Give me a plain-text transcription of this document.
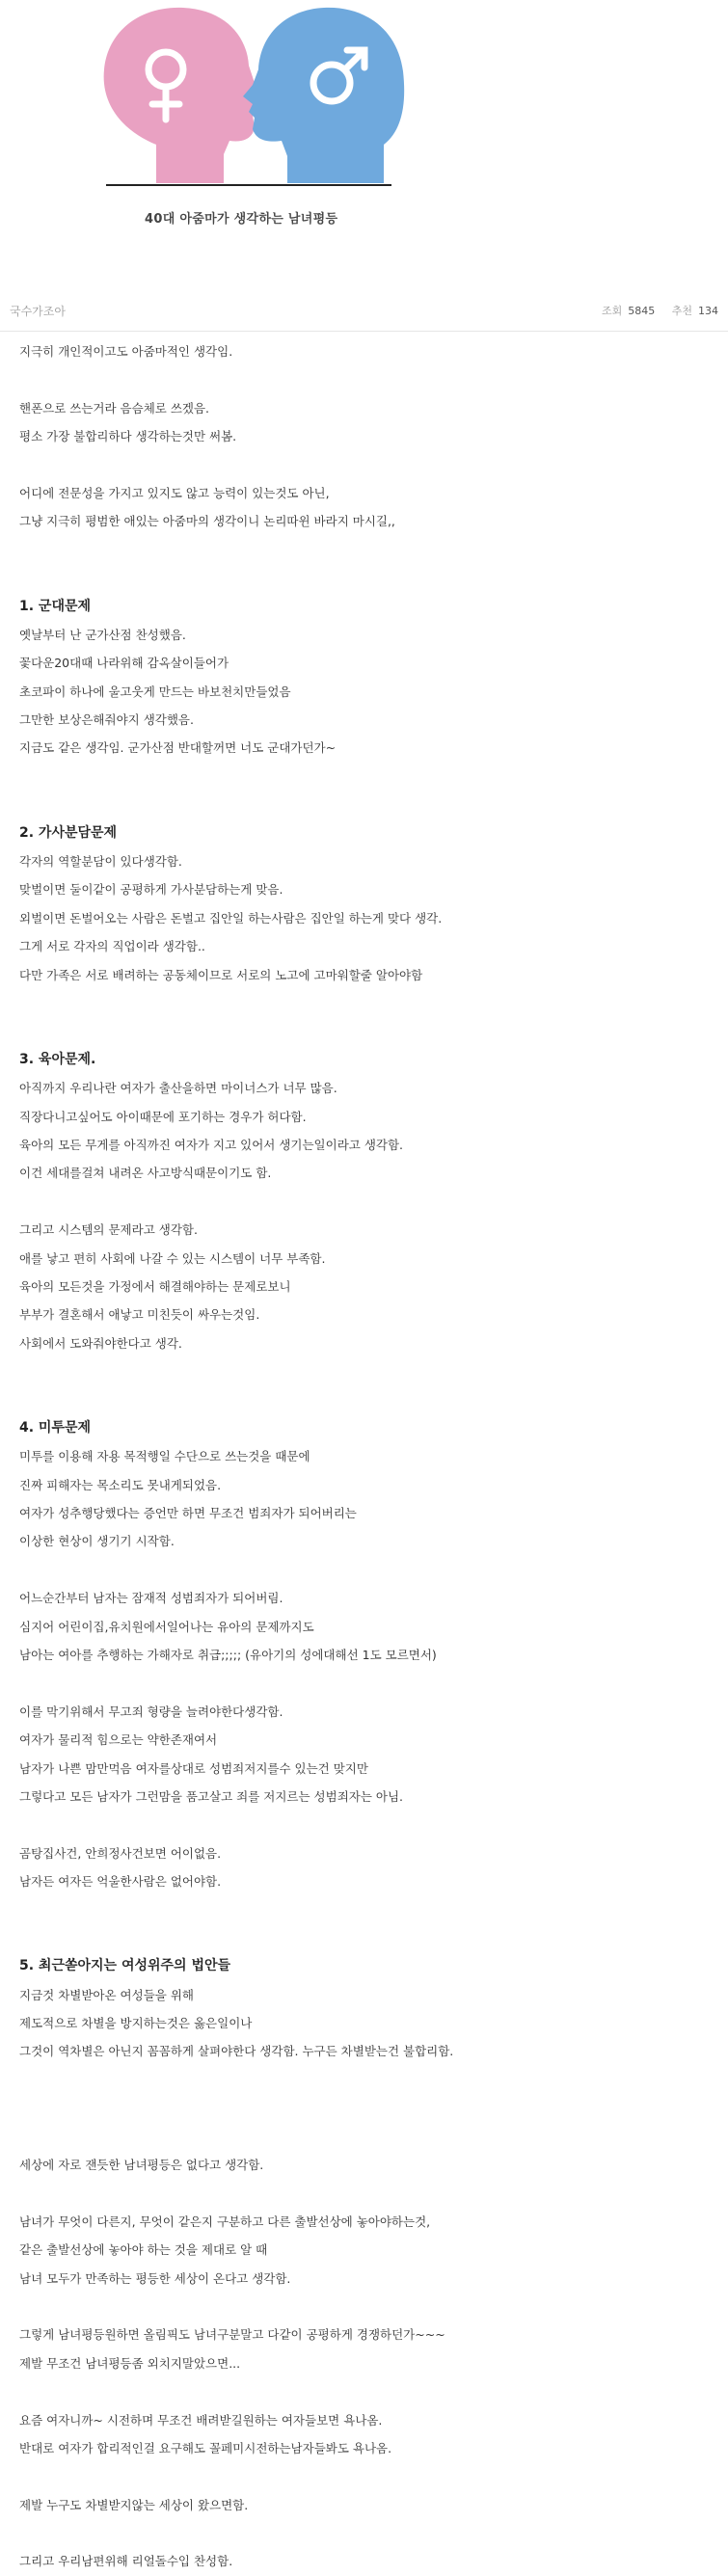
40대 아줌마가 생각하는 남녀평등
국수가조아	조회 5845 추천 134

지극히 개인적이고도 아줌마적인 생각임.

핸폰으로 쓰는거라 음슴체로 쓰겠음.

평소 가장 불합리하다 생각하는것만 써봄.

어디에 전문성을 가지고 있지도 않고 능력이 있는것도 아닌,

그냥 지극히 평범한 애있는 아줌마의 생각이니 논리따윈 바라지 마시길,,

1. 군대문제

옛날부터 난 군가산점 찬성했음.

꽃다운20대때 나라위해 감옥살이들어가

초코파이 하나에 울고웃게 만드는 바보천치만들었음

그만한 보상은해줘야지 생각했음.

지금도 같은 생각임. 군가산점 반대할꺼면 너도 군대가던가~

2. 가사분담문제

각자의 역할분담이 있다생각함.

맞벌이면 둘이같이 공평하게 가사분담하는게 맞음.

외벌이면 돈벌어오는 사람은 돈벌고 집안일 하는사람은 집안일 하는게 맞다 생각.

그게 서로 각자의 직업이라 생각함..

다만 가족은 서로 배려하는 공동체이므로 서로의 노고에 고마워할줄 알아야함

3. 육아문제.

아직까지 우리나란 여자가 출산을하면 마이너스가 너무 많음.

직장다니고싶어도 아이때문에 포기하는 경우가 허다함.

육아의 모든 무게를 아직까진 여자가 지고 있어서 생기는일이라고 생각함.

이건 세대를걸쳐 내려온 사고방식때문이기도 함.

그리고 시스템의 문제라고 생각함.

애를 낳고 편히 사회에 나갈 수 있는 시스템이 너무 부족함.

육아의 모든것을 가정에서 해결해야하는 문제로보니

부부가 결혼해서 애낳고 미친듯이 싸우는것임.

사회에서 도와줘야한다고 생각.

4. 미투문제

미투를 이용해 자용 목적행일 수단으로 쓰는것을 때문에

진짜 피해자는 목소리도 못내게되었음.

여자가 성추행당했다는 증언만 하면 무조건 범죄자가 되어버리는

이상한 현상이 생기기 시작함.

어느순간부터 남자는 잠재적 성범죄자가 되어버림.

심지어 어린이집,유치원에서일어나는 유아의 문제까지도

남아는 여아를 추행하는 가해자로 취급;;;;; (유아기의 성에대해선 1도 모르면서)

이를 막기위해서 무고죄 형량을 늘려야한다생각함.

여자가 물리적 힘으로는 약한존재여서

남자가 나쁜 맘만먹음 여자를상대로 성범죄저지를수 있는건 맞지만

그렇다고 모든 남자가 그런맘을 품고살고 죄를 저지르는 성범죄자는 아님.

곰탕집사건, 안희정사건보면 어이없음.

남자든 여자든 억울한사람은 없어야함.

5. 최근쏟아지는 여성위주의 법안들

지금것 차별받아온 여성들을 위해

제도적으로 차별을 방지하는것은 옳은일이나

그것이 역차별은 아닌지 꼼꼼하게 살펴야한다 생각함. 누구든 차별받는건 불합리함.

세상에 자로 잰듯한 남녀평등은 없다고 생각함.

남녀가 무엇이 다른지, 무엇이 같은지 구분하고 다른 출발선상에 놓아야하는것,

같은 출발선상에 놓아야 하는 것을 제대로 알 때

남녀 모두가 만족하는 평등한 세상이 온다고 생각함.

그렇게 남녀평등원하면 올림픽도 남녀구분말고 다같이 공평하게 경쟁하던가~~~

제발 무조건 남녀평등좀 외치지말았으면...

요즘 여자니까~ 시전하며 무조건 배려받길원하는 여자들보면 욕나옴.

반대로 여자가 합리적인걸 요구해도 꼴페미시전하는남자들봐도 욕나옴.

제발 누구도 차별받지않는 세상이 왔으면함.

그리고 우리남편위해 리얼돌수입 찬성함.
